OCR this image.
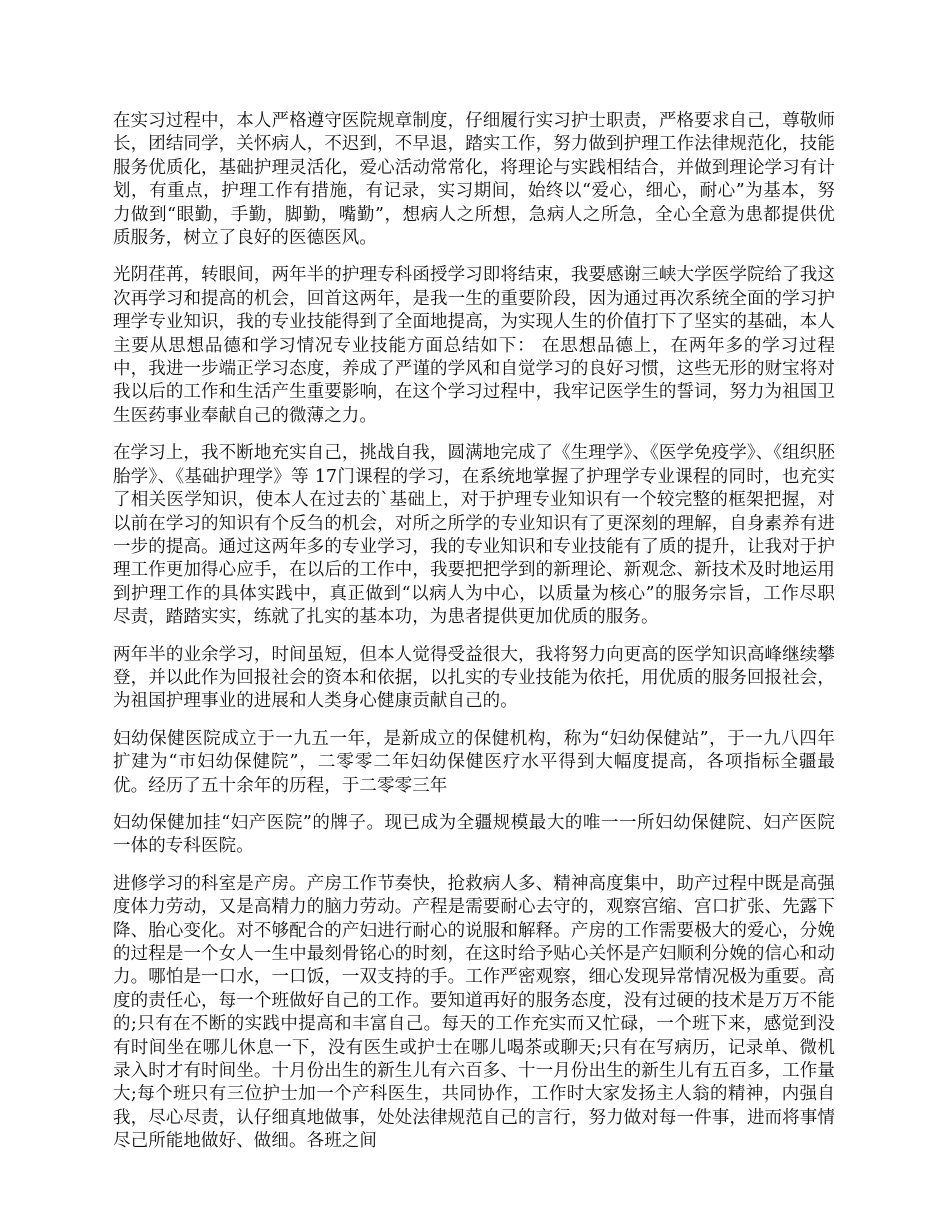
在实习过程中，本人严格遵守医院规章制度，仔细履行实习护士职责，严格要求自己，尊敬师长，团结同学，关怀病人，不迟到，不早退，踏实工作，努力做到护理工作法律规范化，技能服务优质化，基础护理灵活化，爱心活动常常化，将理论与实践相结合，并做到理论学习有计划，有重点，护理工作有措施，有记录，实习期间，始终以“爱心，细心，耐心”为基本，努力做到“眼勤，手勤，脚勤，嘴勤”，想病人之所想，急病人之所急，全心全意为患都提供优质服务，树立了良好的医德医风。

光阴荏苒，转眼间，两年半的护理专科函授学习即将结束，我要感谢三峡大学医学院给了我这次再学习和提高的机会，回首这两年，是我一生的重要阶段，因为通过再次系统全面的学习护理学专业知识，我的专业技能得到了全面地提高，为实现人生的价值打下了坚实的基础，本人主要从思想品德和学习情况专业技能方面总结如下： 在思想品德上，在两年多的学习过程中，我进一步端正学习态度，养成了严谨的学风和自觉学习的良好习惯，这些无形的财宝将对我以后的工作和生活产生重要影响，在这个学习过程中，我牢记医学生的誓词，努力为祖国卫生医药事业奉献自己的微薄之力。

在学习上，我不断地充实自己，挑战自我，圆满地完成了《生理学》、《医学免疫学》、《组织胚胎学》、《基础护理学》等 17门课程的学习，在系统地掌握了护理学专业课程的同时，也充实了相关医学知识，使本人在过去的`基础上，对于护理专业知识有一个较完整的框架把握，对以前在学习的知识有个反刍的机会，对所之所学的专业知识有了更深刻的理解，自身素养有进一步的提高。通过这两年多的专业学习，我的专业知识和专业技能有了质的提升，让我对于护理工作更加得心应手，在以后的工作中，我要把把学到的新理论、新观念、新技术及时地运用到护理工作的具体实践中，真正做到“以病人为中心，以质量为核心”的服务宗旨，工作尽职尽责，踏踏实实，练就了扎实的基本功，为患者提供更加优质的服务。

两年半的业余学习，时间虽短，但本人觉得受益很大，我将努力向更高的医学知识高峰继续攀登，并以此作为回报社会的资本和依据，以扎实的专业技能为依托，用优质的服务回报社会，为祖国护理事业的进展和人类身心健康贡献自己的。

妇幼保健医院成立于一九五一年，是新成立的保健机构，称为“妇幼保健站”，于一九八四年扩建为“市妇幼保健院”，二零零二年妇幼保健医疗水平得到大幅度提高，各项指标全疆最优。经历了五十余年的历程，于二零零三年

妇幼保健加挂“妇产医院”的牌子。现已成为全疆规模最大的唯一一所妇幼保健院、妇产医院一体的专科医院。

进修学习的科室是产房。产房工作节奏快，抢救病人多、精神高度集中，助产过程中既是高强度体力劳动，又是高精力的脑力劳动。产程是需要耐心去守的，观察宫缩、宫口扩张、先露下降、胎心变化。对不够配合的产妇进行耐心的说服和解释。产房的工作需要极大的爱心，分娩的过程是一个女人一生中最刻骨铭心的时刻，在这时给予贴心关怀是产妇顺利分娩的信心和动力。哪怕是一口水，一口饭，一双支持的手。工作严密观察，细心发现异常情况极为重要。高度的责任心，每一个班做好自己的工作。要知道再好的服务态度，没有过硬的技术是万万不能的;只有在不断的实践中提高和丰富自己。每天的工作充实而又忙碌，一个班下来，感觉到没有时间坐在哪儿休息一下，没有医生或护士在哪儿喝茶或聊天;只有在写病历，记录单、微机录入时才有时间坐。十月份出生的新生儿有六百多、十一月份出生的新生儿有五百多，工作量大;每个班只有三位护士加一个产科医生，共同协作，工作时大家发扬主人翁的精神，内强自我，尽心尽责，认仔细真地做事，处处法律规范自己的言行，努力做对每一件事，进而将事情尽己所能地做好、做细。各班之间
